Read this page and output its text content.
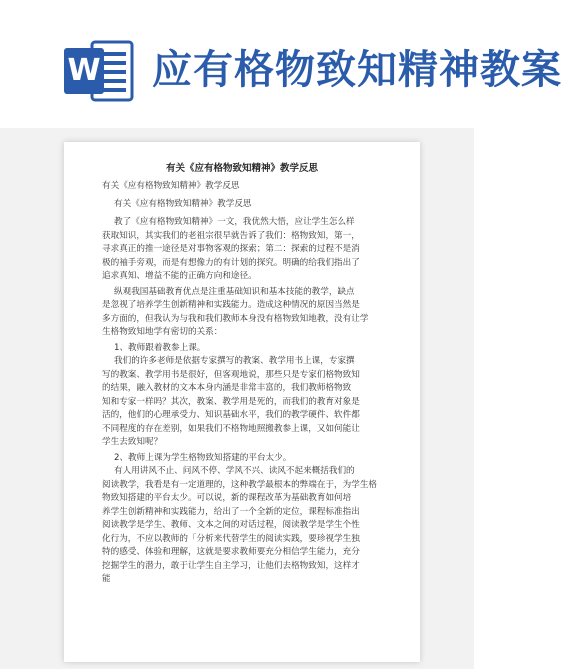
W 应有格物致知精神教案
有关《应有格物致知精神》教学反思
有关《应有格物致知精神》教学反思
有关《应有格物致知精神》教学反思
教了《应有格物致知精神》一文，我优然大悟，应让学生怎么样
获取知识，其实我们的老祖宗很早就告诉了我们：格物致知，第一，
寻求真正的推一途径是对事物客观的探索；第二：探索的过程不是消
极的袖手旁观，而是有想像力的有计划的探究。明确的给我们指出了
追求真知、增益不能的正确方向和途径。
纵观我国基础教育优点是注重基础知识和基本技能的教学，缺点
是忽视了培养学生创新精神和实践能力。造成这种情况的原因当然是
多方面的，但我认为与我和我们教师本身没有格物致知地教，没有让学
生格物致知地学有密切的关系：
1、教师跟着教参上课。
我们的许多老师是依据专家撰写的教案、教学用书上课，专家撰
写的教案、教学用书是很好，但客观地说，那些只是专家们格物致知
的结果，融入教材的文本本身内涵是非常丰富的，我们教师格物致
知和专家一样吗？其次，教案、教学用是死的，而我们的教育对象是
活的，他们的心理承受力、知识基础水平，我们的教学硬件、软件都
不同程度的存在差别，如果我们不格物地照搬教参上课，又如何能让
学生去致知呢？
2、教师上课为学生格物致知搭建的平台太少。
有人用讲风不止、问风不停、学风不兴、读风不起来概括我们的
阅读教学，我看是有一定道理的，这种教学最根本的弊端在于，为学生格
物致知搭建的平台太少。可以说，新的课程改革为基础教育如何培
养学生创新精神和实践能力，给出了一个全新的定位，课程标准指出
阅读教学是学生、教师、文本之间的对话过程，阅读教学是学生个性
化行为，不应以教师的「分析来代替学生的阅读实践，要珍视学生独
特的感受、体验和理解，这就是要求教师要充分相信学生能力，充分
挖掘学生的潜力，敢于让学生自主学习，让他们去格物致知，这样才
能
